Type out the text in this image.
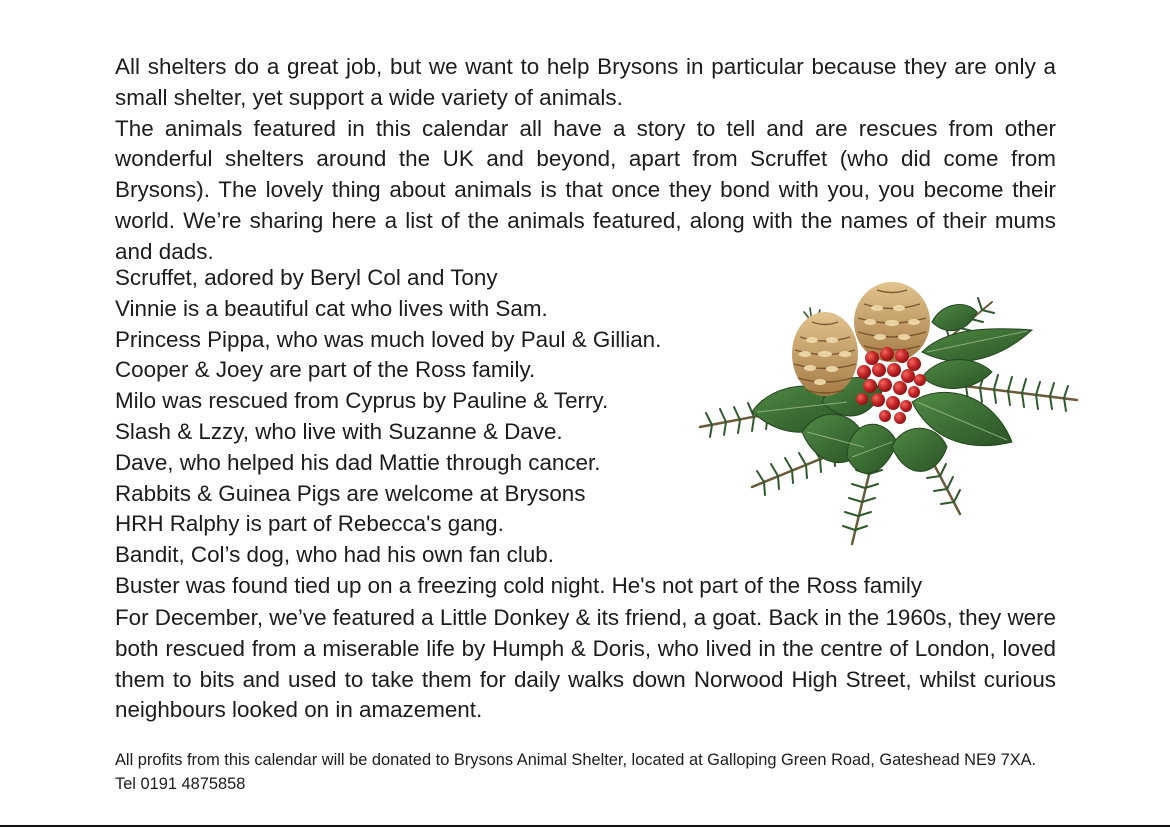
All shelters do a great job, but we want to help Brysons in particular because they are only a small shelter, yet support a wide variety of animals.

The animals featured in this calendar all have a story to tell and are rescues from other wonderful shelters around the UK and beyond, apart from Scruffet (who did come from Brysons). The lovely thing about animals is that once they bond with you, you become their world. We’re sharing here a list of the animals featured, along with the names of their mums and dads.

Scruffet, adored by Beryl Col and Tony
Vinnie is a beautiful cat who lives with Sam.
Princess Pippa, who was much loved by Paul & Gillian.
Cooper & Joey are part of the Ross family.
Milo was rescued from Cyprus by Pauline & Terry.
Slash & Lzzy, who live with Suzanne & Dave.
Dave, who helped his dad Mattie through cancer.
Rabbits & Guinea Pigs are welcome at Brysons
HRH Ralphy is part of Rebecca's gang.
Bandit, Col’s dog, who had his own fan club.
Buster was found tied up on a freezing cold night. He's not part of the Ross family

For December, we’ve featured a Little Donkey & its friend, a goat. Back in the 1960s, they were both rescued from a miserable life by Humph & Doris, who lived in the centre of London, loved them to bits and used to take them for daily walks down Norwood High Street, whilst curious neighbours looked on in amazement.

All profits from this calendar will be donated to Brysons Animal Shelter, located at Galloping Green Road, Gateshead NE9 7XA. Tel 0191 4875858
